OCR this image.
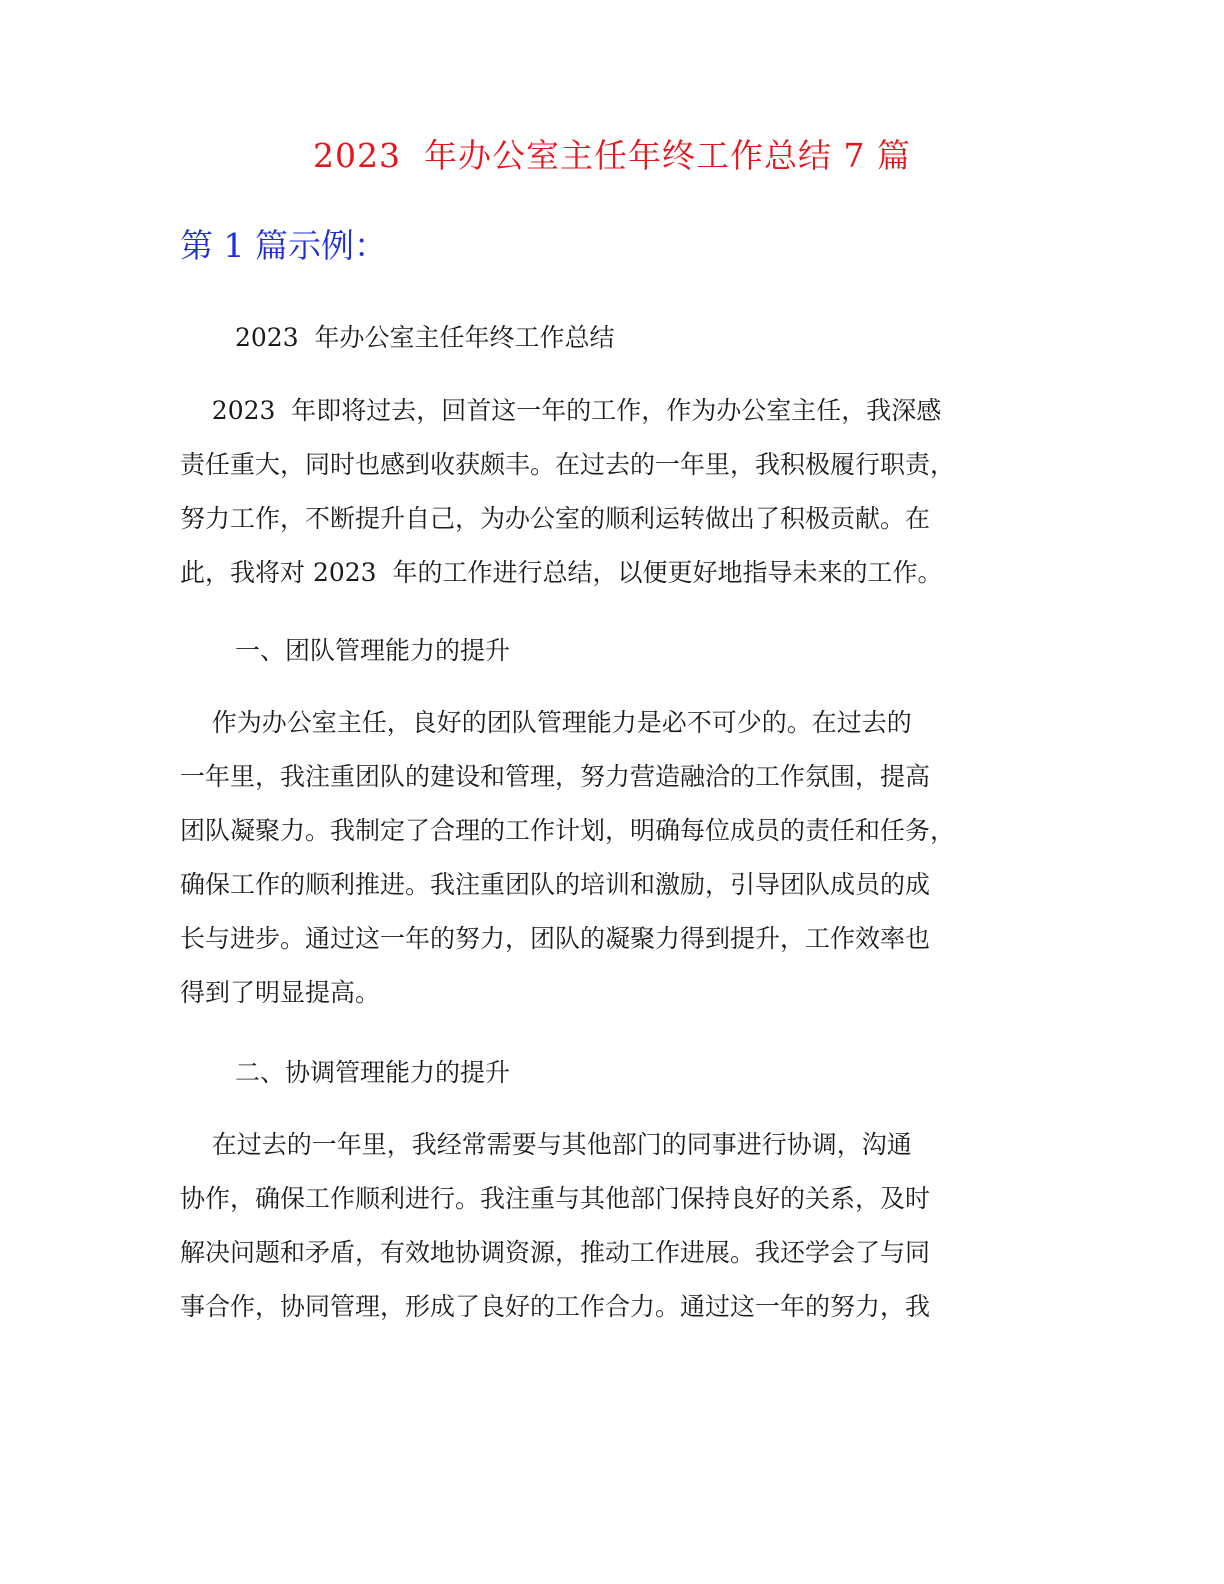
2023  年办公室主任年终工作总结 7 篇
第 1 篇示例：

2023  年办公室主任年终工作总结

2023  年即将过去，回首这一年的工作，作为办公室主任，我深感
责任重大，同时也感到收获颇丰。在过去的一年里，我积极履行职责，
努力工作，不断提升自己，为办公室的顺利运转做出了积极贡献。在
此，我将对 2023  年的工作进行总结，以便更好地指导未来的工作。

一、团队管理能力的提升

作为办公室主任，良好的团队管理能力是必不可少的。在过去的
一年里，我注重团队的建设和管理，努力营造融洽的工作氛围，提高
团队凝聚力。我制定了合理的工作计划，明确每位成员的责任和任务，
确保工作的顺利推进。我注重团队的培训和激励，引导团队成员的成
长与进步。通过这一年的努力，团队的凝聚力得到提升，工作效率也
得到了明显提高。

二、协调管理能力的提升

在过去的一年里，我经常需要与其他部门的同事进行协调，沟通
协作，确保工作顺利进行。我注重与其他部门保持良好的关系，及时
解决问题和矛盾，有效地协调资源，推动工作进展。我还学会了与同
事合作，协同管理，形成了良好的工作合力。通过这一年的努力，我
